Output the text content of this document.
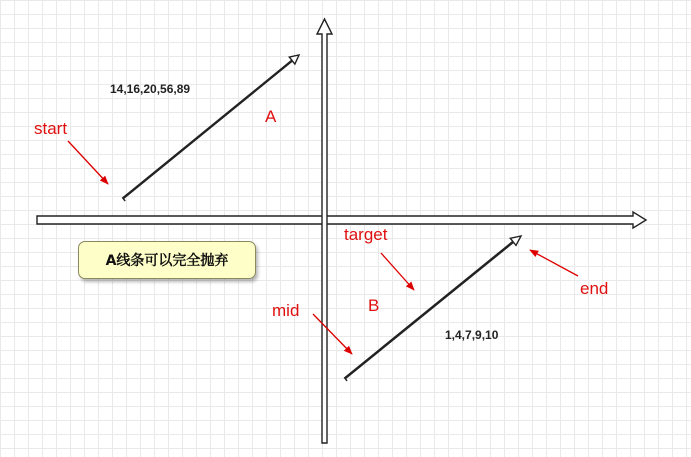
start
A
target
mid	B
end
14,16,20,56,89
1,4,7,9,10
A线条可以完全抛弃
